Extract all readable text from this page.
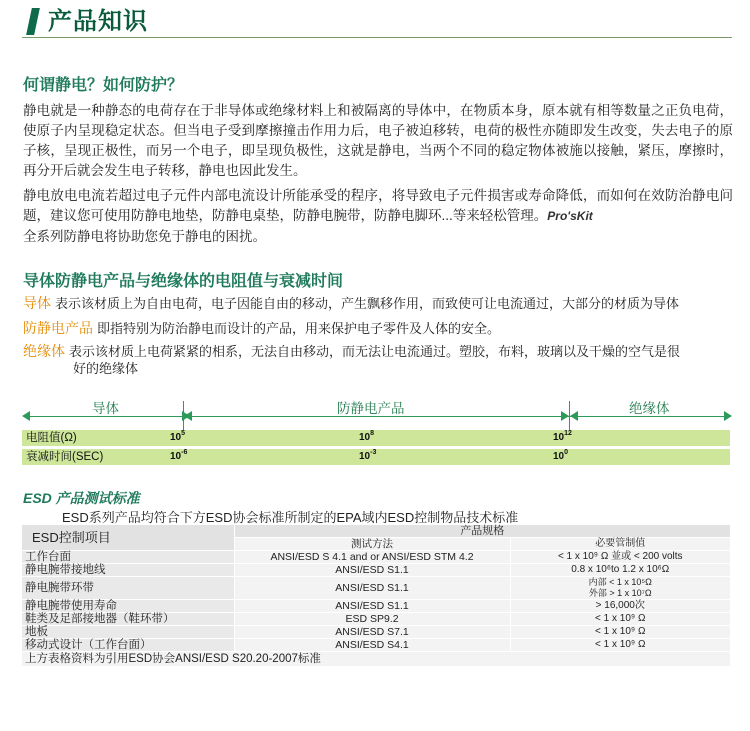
产品知识
何谓静电？如何防护？
静电就是一种静态的电荷存在于非导体或绝缘材料上和被隔离的导体中，在物质本身，原本就有相等数量之正负电荷，使原子内呈现稳定状态。但当电子受到摩擦撞击作用力后，电子被迫移转，电荷的极性亦随即发生改变，失去电子的原子核，呈现正极性，而另一个电子，即呈现负极性，这就是静电，当两个不同的稳定物体被施以接触，紧压，摩擦时，再分开后就会发生电子转移，静电也因此发生。
静电放电电流若超过电子元件内部电流设计所能承受的程序，将导致电子元件损害或寿命降低，而如何在效防治静电问题，建议您可使用防静电地垫，防静电桌垫，防静电腕带，防静电脚环...等来轻松管理。Pro'sKit
全系列防静电将协助您免于静电的困扰。
导体防静电产品与绝缘体的电阻值与衰减时间
导体 表示该材质上为自由电荷，电子因能自由的移动，产生飘移作用，而致使可让电流通过，大部分的材质为导体
防静电产品 即指特别为防治静电而设计的产品，用来保护电子零件及人体的安全。
绝缘体 表示该材质上电荷紧紧的相系，无法自由移动，而无法让电流通过。塑胶，布料，玻璃以及干燥的空气是很
好的绝缘体
导体	防静电产品	绝缘体
电阻值(Ω)	$10^5$	$10^8$	$10^{12}$
衰减时间(SEC)	$10^{-6}$	$10^{-3}$	$10^0$
ESD 产品测试标准
ESD系列产品均符合下方ESD协会标准所制定的EPA域内ESD控制物品技术标准
ESD控制项目	产品规格	
	测试方法	必要管制值
工作台面	ANSI/ESD S 4.1 and or ANSI/ESD STM 4.2	< 1 x 10⁹ Ω 並或 < 200 volts
静电腕带接地线	ANSI/ESD S1.1	0.8 x 10⁶to 1.2 x 10⁶Ω
静电腕带环带	ANSI/ESD S1.1	内部 < 1 x 10⁵Ω
外部 > 1 x 10⁷Ω

静电腕带使用寿命	ANSI/ESD S1.1	> 16,000次
鞋类及足部接地器（鞋环带）	ESD SP9.2	< 1 x 10⁹ Ω
地板	ANSI/ESD S7.1	< 1 x 10⁹ Ω
移动式设计（工作台面）	ANSI/ESD S4.1	< 1 x 10⁹ Ω
上方表格资料为引用ESD协会ANSI/ESD S20.20-2007标准		
